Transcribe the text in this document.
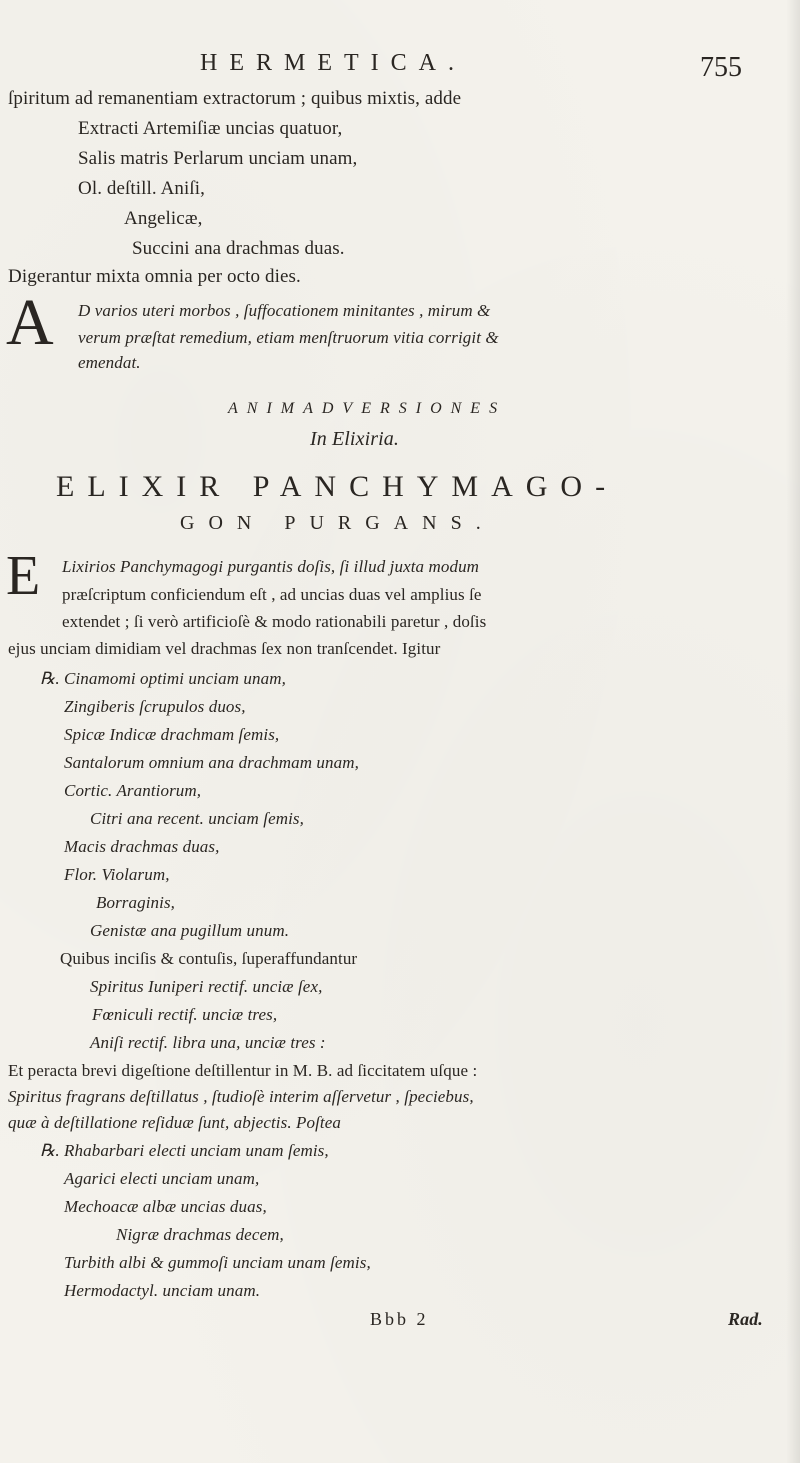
HERMETICA.	755
ſpiritum ad remanentiam extractorum ; quibus mixtis, adde
Extracti Artemiſiæ uncias quatuor,
Salis matris Perlarum unciam unam,
Ol. deſtill. Aniſi,
Angelicæ,
Succini ana drachmas duas.
Digerantur mixta omnia per octo dies.
A D varios uteri morbos , ſuffocationem minitantes , mirum &
verum præſtat remedium, etiam menſtruorum vitia corrigit &
emendat.
ANIMADVERSIONES
In Elixiria.
ELIXIR PANCHYMAGO-
GON PURGANS.
E Lixirios Panchymagogi purgantis doſis, ſi illud juxta modum
præſcriptum conficiendum eſt , ad uncias duas vel amplius ſe
extendet ; ſi verò artificioſè & modo rationabili paretur , doſis
ejus unciam dimidiam vel drachmas ſex non tranſcendet. Igitur
℞. Cinamomi optimi unciam unam,
Zingiberis ſcrupulos duos,
Spicæ Indicæ drachmam ſemis,
Santalorum omnium ana drachmam unam,
Cortic. Arantiorum,
Citri ana recent. unciam ſemis,
Macis drachmas duas,
Flor. Violarum,
Borraginis,
Genistæ ana pugillum unum.
Quibus inciſis & contuſis, ſuperaffundantur
Spiritus Iuniperi rectif. unciæ ſex,
Fœniculi rectif. unciæ tres,
Aniſi rectif. libra una, unciæ tres :
Et peracta brevi digeſtione deſtillentur in M. B. ad ſiccitatem uſque :
Spiritus fragrans deſtillatus , ſtudioſè interim aſſervetur , ſpeciebus,
quæ à deſtillatione reſiduæ ſunt, abjectis. Poſtea
℞. Rhabarbari electi unciam unam ſemis,
Agarici electi unciam unam,
Mechoacæ albæ uncias duas,
Nigræ drachmas decem,
Turbith albi & gummoſi unciam unam ſemis,
Hermodactyl. unciam unam.
Bbb 2	Rad.
